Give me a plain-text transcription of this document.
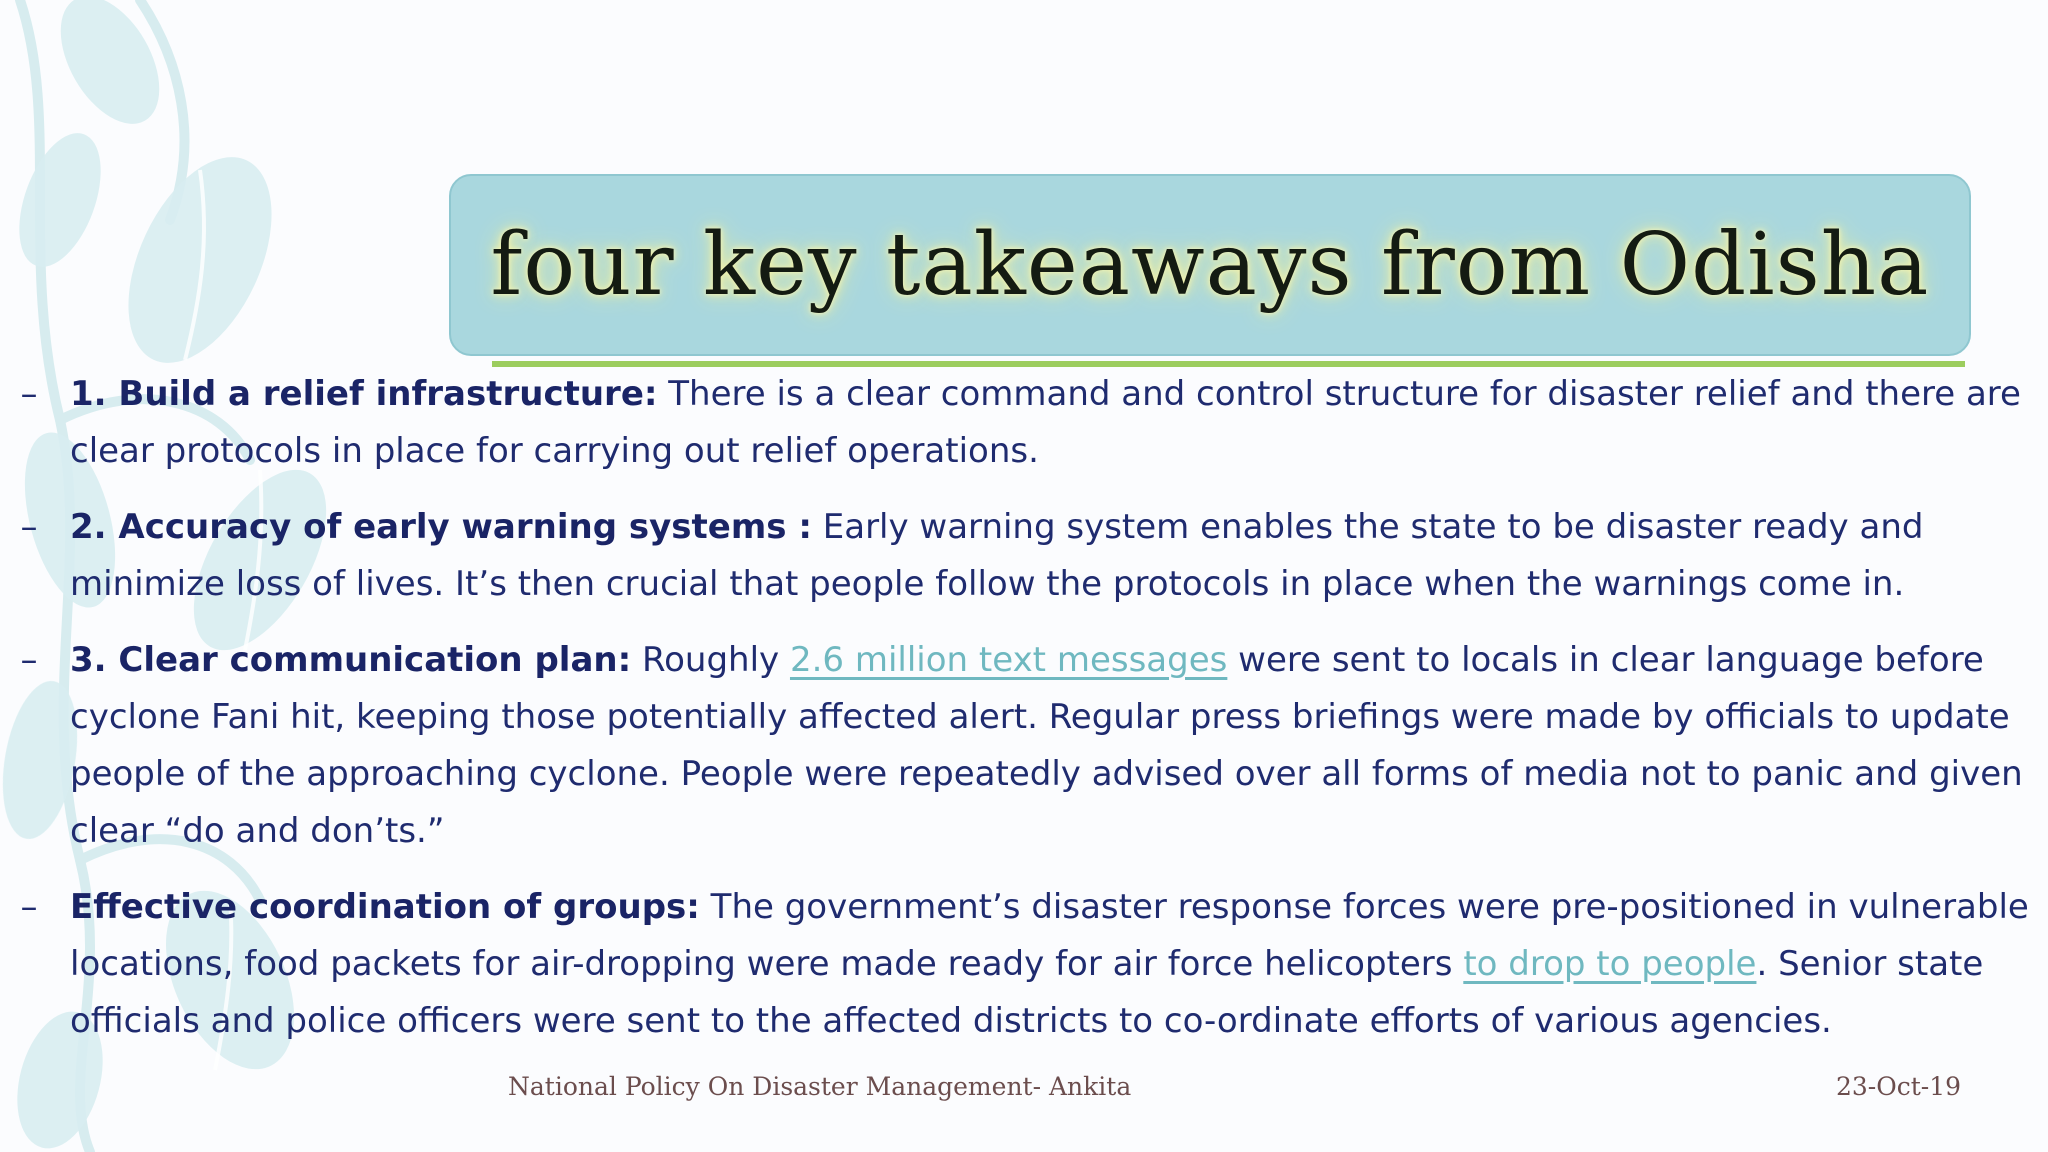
four key takeaways from Odisha
– 1. Build a relief infrastructure: There is a clear command and control structure for disaster relief and there are clear protocols in place for carrying out relief operations.
– 2. Accuracy of early warning systems : Early warning system enables the state to be disaster ready and minimize loss of lives. It’s then crucial that people follow the protocols in place when the warnings come in.
– 3. Clear communication plan: Roughly 2.6 million text messages were sent to locals in clear language before cyclone Fani hit, keeping those potentially affected alert. Regular press briefings were made by officials to update people of the approaching cyclone. People were repeatedly advised over all forms of media not to panic and given clear “do and don’ts.”
– Effective coordination of groups: The government’s disaster response forces were pre-positioned in vulnerable locations, food packets for air-dropping were made ready for air force helicopters to drop to people. Senior state officials and police officers were sent to the affected districts to co-ordinate efforts of various agencies.
National Policy On Disaster Management- Ankita	23-Oct-19
